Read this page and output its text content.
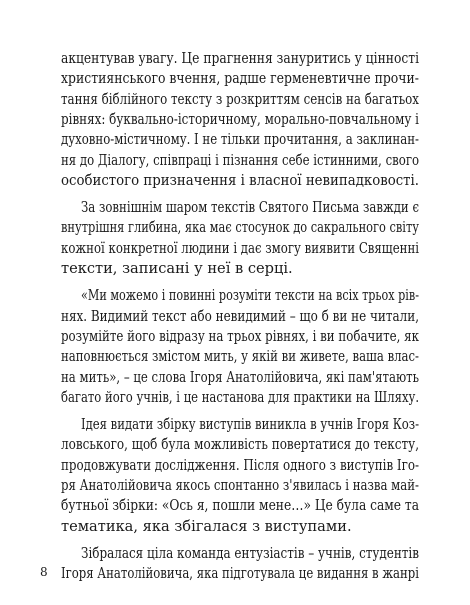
акцентував увагу. Це прагнення зануритись у цінності
християнського вчення, радше герменевтичне прочи-
тання біблійного тексту з розкриттям сенсів на багатьох
рівнях: буквально-історичному, морально-повчальному і
духовно-містичному. І не тільки прочитання, а заклинан-
ня до Діалогу, співпраці і пізнання себе істинними, свого
особистого призначення і власної невипадковості.
За зовнішнім шаром текстів Святого Письма завжди є
внутрішня глибина, яка має стосунок до сакрального світу
кожної конкретної людини і дає змогу виявити Священні
тексти, записані у неї в серці.
«Ми можемо і повинні розуміти тексти на всіх трьох рів-
нях. Видимий текст або невидимий – що б ви не читали,
розумійте його відразу на трьох рівнях, і ви побачите, як
наповнюється змістом мить, у якій ви живете, ваша влас-
на мить», – це слова Ігоря Анатолійовича, які пам'ятають
багато його учнів, і це настанова для практики на Шляху.
Ідея видати збірку виступів виникла в учнів Ігоря Коз-
ловського, щоб була можливість повертатися до тексту,
продовжувати дослідження. Після одного з виступів Іго-
ря Анатолійовича якось спонтанно з'явилась і назва май-
бутньої збірки: «Ось я, пошли мене…» Це була саме та
тематика, яка збігалася з виступами.
Зібралася ціла команда ентузіастів – учнів, студентів
Ігоря Анатолійовича, яка підготувала це видання в жанрі
8
